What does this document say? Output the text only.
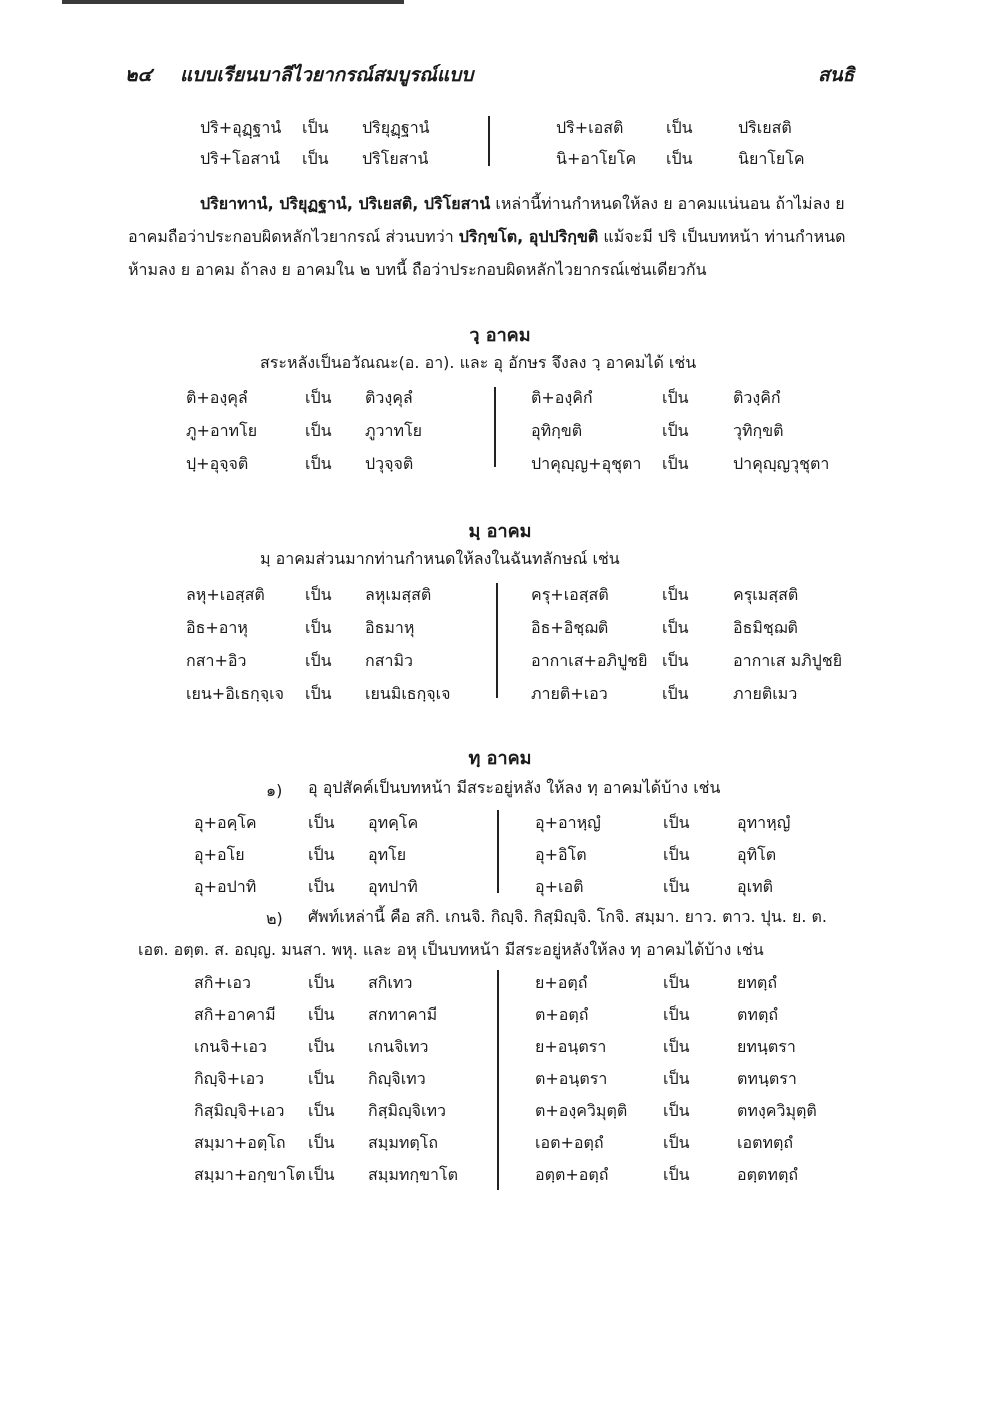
๒๔ แบบเรียนบาลีไวยากรณ์สมบูรณ์แบบ	สนธิ
ปริ+อุฏฺฐานํ เป็น ปริยุฏฺฐานํ	ปริ+เอสติ	เป็น	ปริเยสติ
ปริ+โอสานํ เป็น ปริโยสานํ	นิ+อาโยโค เป็น	นิยาโยโค
ปริยาทานํ, ปริยุฏฐานํ, ปริเยสติ, ปริโยสานํ เหล่านี้ท่านกำหนดให้ลง ย อาคมแน่นอน ถ้าไม่ลง ย
อาคมถือว่าประกอบผิดหลักไวยากรณ์ ส่วนบทว่า ปริกฺขโต, อุปปริกฺขติ แม้จะมี ปริ เป็นบทหน้า ท่านกำหนด
ห้ามลง ย อาคม ถ้าลง ย อาคมใน ๒ บทนี้ ถือว่าประกอบผิดหลักไวยากรณ์เช่นเดียวกัน
วฺ อาคม
สระหลังเป็นอวัณณะ(อ. อา). และ อุ อักษร จึงลง วฺ อาคมได้ เช่น
ติ+องฺคุลํ	เป็น ติวงฺคุลํ	ติ+องฺคิกํ	เป็น	ติวงฺคิกํ
ภู+อาทโย	เป็น ภูวาทโย	อุทิกฺขติ	เป็น	วุทิกฺขติ
ปฺ+อุจฺจติ	เป็น ปวุจฺจติ	ปาคุญฺญ+อุชุตา เป็น	ปาคุญฺญวุชุตา
มฺ อาคม
มฺ อาคมส่วนมากท่านกำหนดให้ลงในฉันทลักษณ์ เช่น
ลหุ+เอสฺสติ	เป็น ลหุเมสฺสติ	ครุ+เอสฺสติ	เป็น	ครุเมสฺสติ
อิธ+อาหุ	เป็น อิธมาหุ	อิธ+อิชฺฌติ	เป็น	อิธมิชฺฌติ
กสา+อิว	เป็น กสามิว	อากาเส+อภิปูชยิ เป็น	อากาเส มภิปูชยิ
เยน+อิเธกฺจฺเจ เป็น เยนมิเธกฺจฺเจ	ภายติ+เอว	เป็น	ภายติเมว
ทฺ อาคม
๑) อุ อุปสัคค์เป็นบทหน้า มีสระอยู่หลัง ให้ลง ทฺ อาคมได้บ้าง เช่น
อุ+อคฺโค	เป็น อุทคฺโค	อุ+อาหฺญํ	เป็น	อุทาหฺญํ
อุ+อโย	เป็น อุทโย	อุ+อิโต	เป็น	อุทิโต
อุ+อปาทิ	เป็น อุทปาทิ	อุ+เอติ	เป็น	อุเทติ
๒) ศัพท์เหล่านี้ คือ สกิ. เกนจิ. กิญฺจิ. กิสฺมิญฺจิ. โกจิ. สมฺมา. ยาว. ตาว. ปุน. ย. ต.
เอต. อตฺต. ส. อญฺญ. มนสา. พหุ. และ อหุ เป็นบทหน้า มีสระอยู่หลังให้ลง ทฺ อาคมได้บ้าง เช่น
สกิ+เอว	เป็น สกิเทว	ย+อตฺถํ	เป็น	ยทตฺถํ
สกิ+อาคามี เป็น สกทาคามี	ต+อตฺถํ	เป็น	ตทตฺถํ
เกนจิ+เอว	เป็น เกนจิเทว	ย+อนฺตรา	เป็น	ยทนฺตรา
กิญฺจิ+เอว	เป็น กิญฺจิเทว	ต+อนฺตรา	เป็น	ตทนฺตรา
กิสฺมิญฺจิ+เอว เป็น กิสฺมิญฺจิเทว	ต+องฺควิมุตฺติ เป็น	ตทงฺควิมุตฺติ
สมฺมา+อตฺโถ เป็น สมฺมทตฺโถ	เอต+อตฺถํ	เป็น	เอตทตฺถํ
สมฺมา+อกฺขาโต เป็น สมฺมทกฺขาโต	อตฺต+อตฺถํ	เป็น	อตฺตทตฺถํ
